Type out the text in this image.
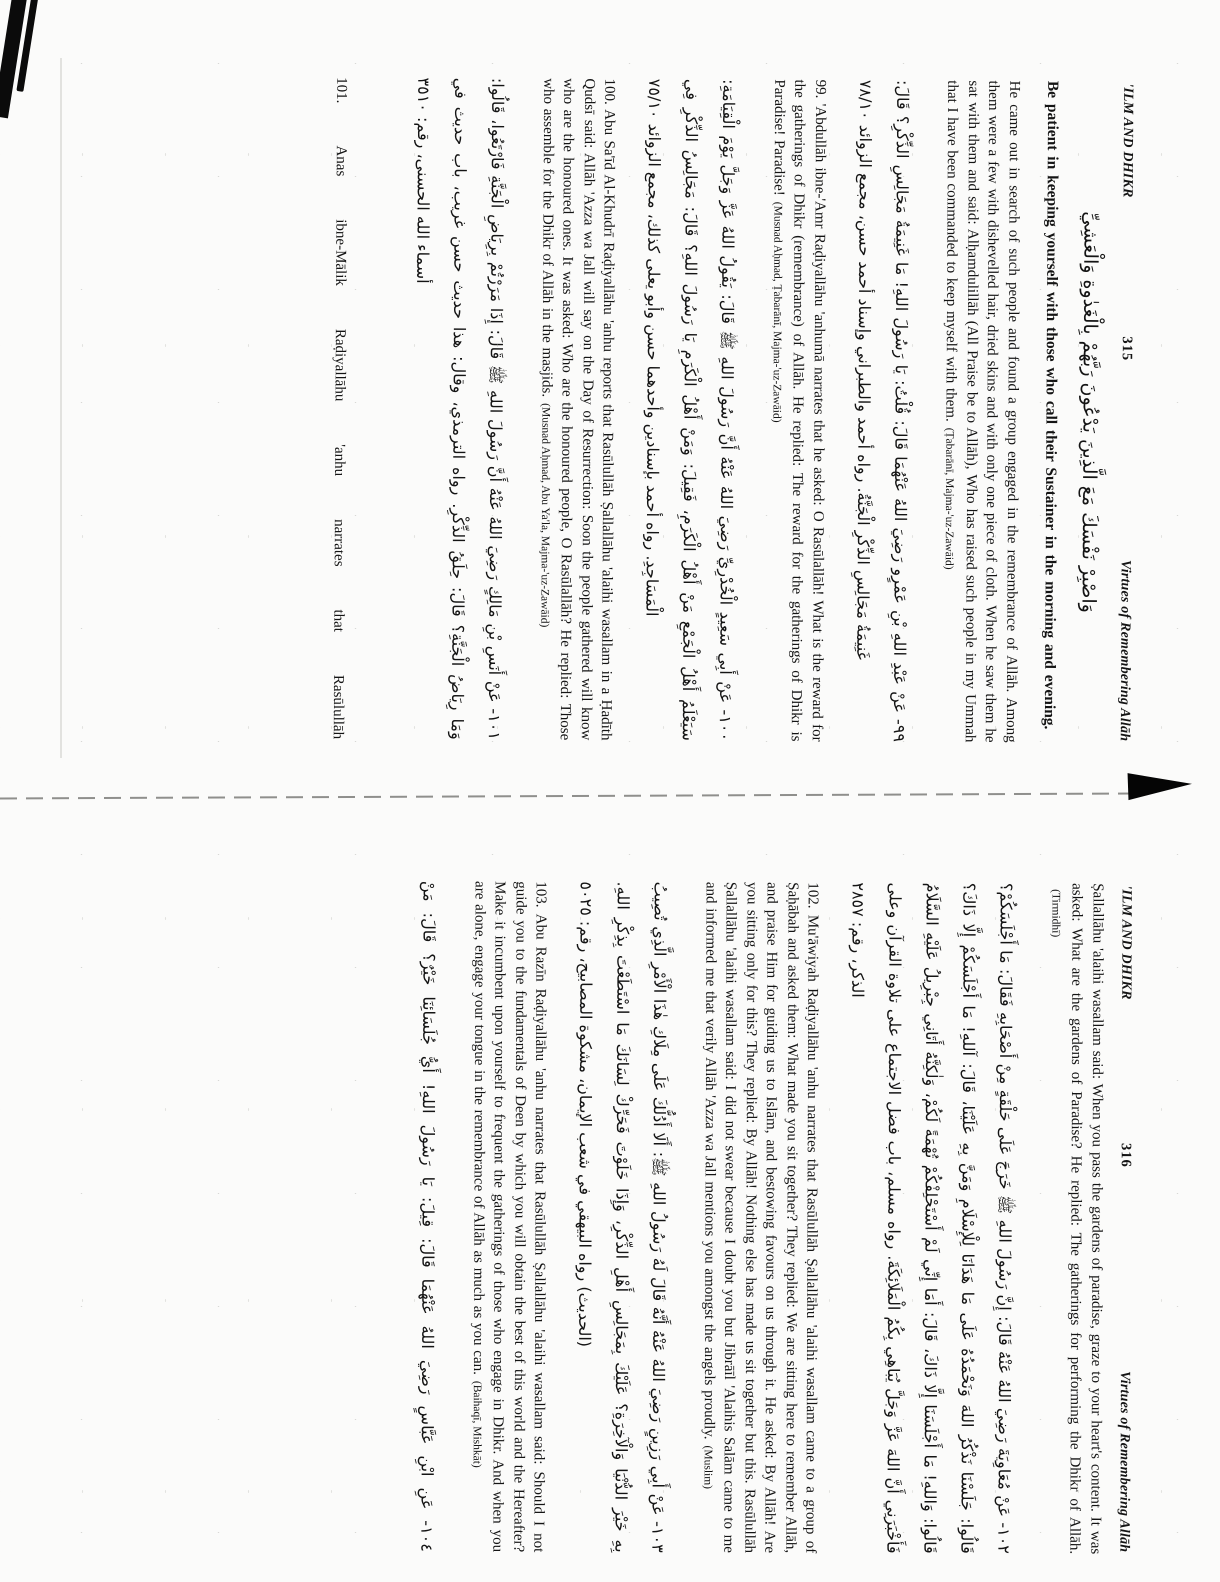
'ILM AND DHIKR
315
Virtues of Remembering Allāh

وَاصْبِرْ نَفْسَكَ مَعَ الَّذِينَ يَدْعُونَ رَبَّهُمْ بِالْغَدٰوةِ وَالْعَشِيِّ

Be patient in keeping yourself with those who call their Sustainer in the morning and evening.

He came out in search of such people and found a group engaged in the remembrance of Allāh. Among them were a few with dishevelled hair, dried skins and with only one piece of cloth. When he saw them he sat with them and said: Alḥamdulillāh (All Praise be to Allāh), Who has raised such people in my Ummah that I have been commanded to keep myself with them.(Ṭabarānī, Majma-'uz-Zawāid)

٩٩- عَنْ عَبْدِ اللهِ بْنِ عَمْرٍو رَضِيَ اللهُ عَنْهُمَا قَالَ: قُلْتُ: يَا رَسُولَ اللهِ! مَا غَنِيمَةُ مَجَالِسِ الذِّكْرِ؟ قَالَ: غَنِيمَةُ مَجَالِسِ الذِّكْرِ الْجَنَّةُ. رواه أحمد والطبراني وإسناد أحمد حسن، مجمع الزوائد ٧٨/١٠

99. 'Abdullāh ibne-'Amr Raḍiyallāhu 'anhumā narrates that he asked: O Rasūlallāh! What is the reward for the gatherings of Dhikr (remembrance) of Allāh. He replied: The reward for the gatherings of Dhikr is Paradise! Paradise!(Musnad Aḥmad, Ṭabarānī, Majma-'uz-Zawāid)

١٠٠- عَنْ أَبِي سَعِيدٍ الْخُدْرِيِّ رَضِيَ اللهُ عَنْهُ أَنَّ رَسُولَ اللهِ ﷺ قَالَ: يَقُولُ اللهُ عَزَّ وَجَلَّ يَوْمَ الْقِيَامَةِ: سَيَعْلَمُ أَهْلُ الْجَمْعِ مَنْ أَهْلُ الْكَرَمِ، فَقِيلَ: وَمَنْ أَهْلُ الْكَرَمِ يَا رَسُولَ اللهِ؟ قَالَ: مَجَالِسُ الذِّكْرِ فِي الْمَسَاجِدِ. رواه أحمد بإسنادين وأحدهما حسن وأبو يعلى كذلك، مجمع الزوائد ٧٥/١٠

100. Abu Sa'īd Al-Khudrī Raḍiyallāhu 'anhu reports that Rasūlullāh Ṣallallāhu 'alaihi wasallam in a Ḥadīth Qudsī said: Allāh 'Azza wa Jall will say on the Day of Resurrection: Soon the people gathered will know who are the honoured ones. It was asked: Who are the honoured people, O Rasūlallāh? He replied: Those who assemble for the Dhikr of Allāh in the masjids.(Musnad Aḥmad, Abu Ya'la, Majma-'uz-Zawāid)

١٠١- عَنْ أَنَسِ بْنِ مَالِكٍ رَضِيَ اللهُ عَنْهُ أَنَّ رَسُولَ اللهِ ﷺ قَالَ: إِذَا مَرَرْتُمْ بِرِيَاضِ الْجَنَّةِ فَارْتَعُوا، قَالُوا: وَمَا رِيَاضُ الْجَنَّةِ؟ قَالَ: حِلَقُ الذِّكْرِ. رواه الترمذي، وقال: هذا حديث حسن غريب، باب حديث في أسماء الله الحسنى، رقم: ٣٥١٠

101. Anas ibne-Mālik Raḍiyallāhu 'anhu narrates that Rasūlullāh

'ILM AND DHIKR
316
Virtues of Remembering Allāh

Ṣallallāhu 'alaihi wasallam said: When you pass the gardens of paradise, graze to your heart's content. It was asked: What are the gardens of Paradise? He replied: The gatherings for performing the Dhikr of Allāh.(Tirmidhī)

١٠٢- عَنْ مُعَاوِيَةَ رَضِيَ اللهُ عَنْهُ قَالَ: إِنَّ رَسُولَ اللهِ ﷺ خَرَجَ عَلَى حَلْقَةٍ مِنْ أَصْحَابِهِ فَقَالَ: مَا أَجْلَسَكُمْ؟ قَالُوا: جَلَسْنَا نَذْكُرُ اللهَ وَنَحْمَدُهُ عَلَى مَا هَدَانَا لِلْإِسْلَامِ وَمَنَّ بِهِ عَلَيْنَا، قَالَ: آللهِ! مَا أَجْلَسَكُمْ إِلَّا ذَاكَ؟ قَالُوا: وَاللهِ! مَا أَجْلَسَنَا إِلَّا ذَاكَ، قَالَ: أَمَا إِنِّي لَمْ أَسْتَحْلِفْكُمْ تُهْمَةً لَكُمْ، وَلٰكِنَّهُ أَتَانِي جِبْرِيلُ عَلَيْهِ السَّلَامُ فَأَخْبَرَنِي أَنَّ اللهَ عَزَّ وَجَلَّ يُبَاهِي بِكُمُ الْمَلَائِكَةَ. رواه مسلم، باب فضل الاجتماع على تلاوة القرآن وعلى الذكر، رقم: ٢٨٥٧

102. Mu'āwiyah Raḍiyallāhu 'anhu narrates that Rasūlullāh Ṣallallāhu 'alaihi wasallam came to a group of Ṣaḥābah and asked them: What made you sit together? They replied: We are sitting here to remember Allāh, and praise Him for guiding us to Islām, and bestowing favours on us through it. He asked: By Allāh! Are you sitting only for this? They replied: By Allāh! Nothing else has made us sit together but this. Rasūlullāh Ṣallallāhu 'alaihi wasallam said: I did not swear because I doubt you but Jibrāīl 'Alaihis Salām came to me and informed me that verily Allāh 'Azza wa Jall mentions you amongst the angels proudly.(Muslim)

١٠٣- عَنْ أَبِي رَزِينٍ رَضِيَ اللهُ عَنْهُ أَنَّهُ قَالَ لَهُ رَسُولُ اللهِ ﷺ: أَلَا أَدُلُّكَ عَلَى مِلَاكِ هٰذَا الْأَمْرِ الَّذِي تُصِيبُ بِهِ خَيْرَ الدُّنْيَا وَالْآخِرَةِ؟ عَلَيْكَ بِمَجَالِسِ أَهْلِ الذِّكْرِ، وَإِذَا خَلَوْتَ فَحَرِّكْ لِسَانَكَ مَا اسْتَطَعْتَ بِذِكْرِ اللهِ. (الحديث) رواه البيهقي في شعب الإيمان، مشكوة المصابيح، رقم: ٥٠٢٥

103. Abu Razīn Raḍiyallāhu 'anhu narrates that Rasūlullāh Ṣallallāhu 'alaihi wasallam said: Should I not guide you to the fundamentals of Deen by which you will obtain the best of this world and the Hereafter? Make it incumbent upon yourself to frequent the gatherings of those who engage in Dhikr. And when you are alone, engage your tongue in the remembrance of Allāh as much as you can.(Baihaqī, Mishkāt)

١٠٤- عَنِ ابْنِ عَبَّاسٍ رَضِيَ اللهُ عَنْهُمَا قَالَ: قِيلَ: يَا رَسُولَ اللهِ! أَيُّ جُلَسَائِنَا خَيْرٌ؟ قَالَ: مَنْ
